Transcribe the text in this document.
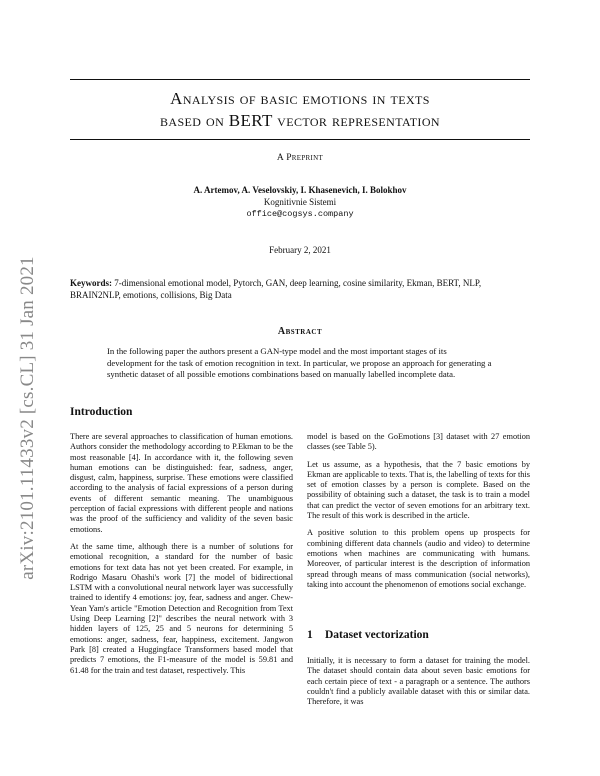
arXiv:2101.11433v2 [cs.CL] 31 Jan 2021
Analysis of basic emotions in texts
based on BERT vector representation
A Preprint
A. Artemov, A. Veselovskiy, I. Khasenevich, I. Bolokhov
Kognitivnie Sistemi
office@cogsys.company
February 2, 2021
Keywords: 7-dimensional emotional model, Pytorch, GAN, deep learning, cosine similarity, Ekman, BERT, NLP, BRAIN2NLP, emotions, collisions, Big Data
Abstract
In the following paper the authors present a GAN-type model and the most important stages of its development for the task of emotion recognition in text. In particular, we propose an approach for generating a synthetic dataset of all possible emotions combinations based on manually labelled incomplete data.
Introduction

There are several approaches to classification of human emotions. Authors consider the methodology according to P.Ekman to be the most reasonable [4]. In accordance with it, the following seven human emotions can be distinguished: fear, sadness, anger, disgust, calm, happiness, surprise. These emotions were classified according to the analysis of facial expressions of a person during events of different semantic meaning. The unambiguous perception of facial expressions with different people and nations was the proof of the sufficiency and validity of the seven basic emotions.

At the same time, although there is a number of solutions for emotional recognition, a standard for the number of basic emotions for text data has not yet been created. For example, in Rodrigo Masaru Ohashi's work [7] the model of bidirectional LSTM with a convolutional neural network layer was successfully trained to identify 4 emotions: joy, fear, sadness and anger. Chew-Yean Yam's article "Emotion Detection and Recognition from Text Using Deep Learning [2]" describes the neural network with 3 hidden layers of 125, 25 and 5 neurons for determining 5 emotions: anger, sadness, fear, happiness, excitement. Jangwon Park [8] created a Huggingface Transformers based model that predicts 7 emotions, the F1-measure of the model is 59.81 and 61.48 for the train and test dataset, respectively. This

model is based on the GoEmotions [3] dataset with 27 emotion classes (see Table 5).

Let us assume, as a hypothesis, that the 7 basic emotions by Ekman are applicable to texts. That is, the labelling of texts for this set of emotion classes by a person is complete. Based on the possibility of obtaining such a dataset, the task is to train a model that can predict the vector of seven emotions for an arbitrary text. The result of this work is described in the article.

A positive solution to this problem opens up prospects for combining different data channels (audio and video) to determine emotions when machines are communicating with humans. Moreover, of particular interest is the description of information spread through means of mass communication (social networks), taking into account the phenomenon of emotions social exchange.

1 Dataset vectorization

Initially, it is necessary to form a dataset for training the model. The dataset should contain data about seven basic emotions for each certain piece of text - a paragraph or a sentence. The authors couldn't find a publicly available dataset with this or similar data. Therefore, it was
